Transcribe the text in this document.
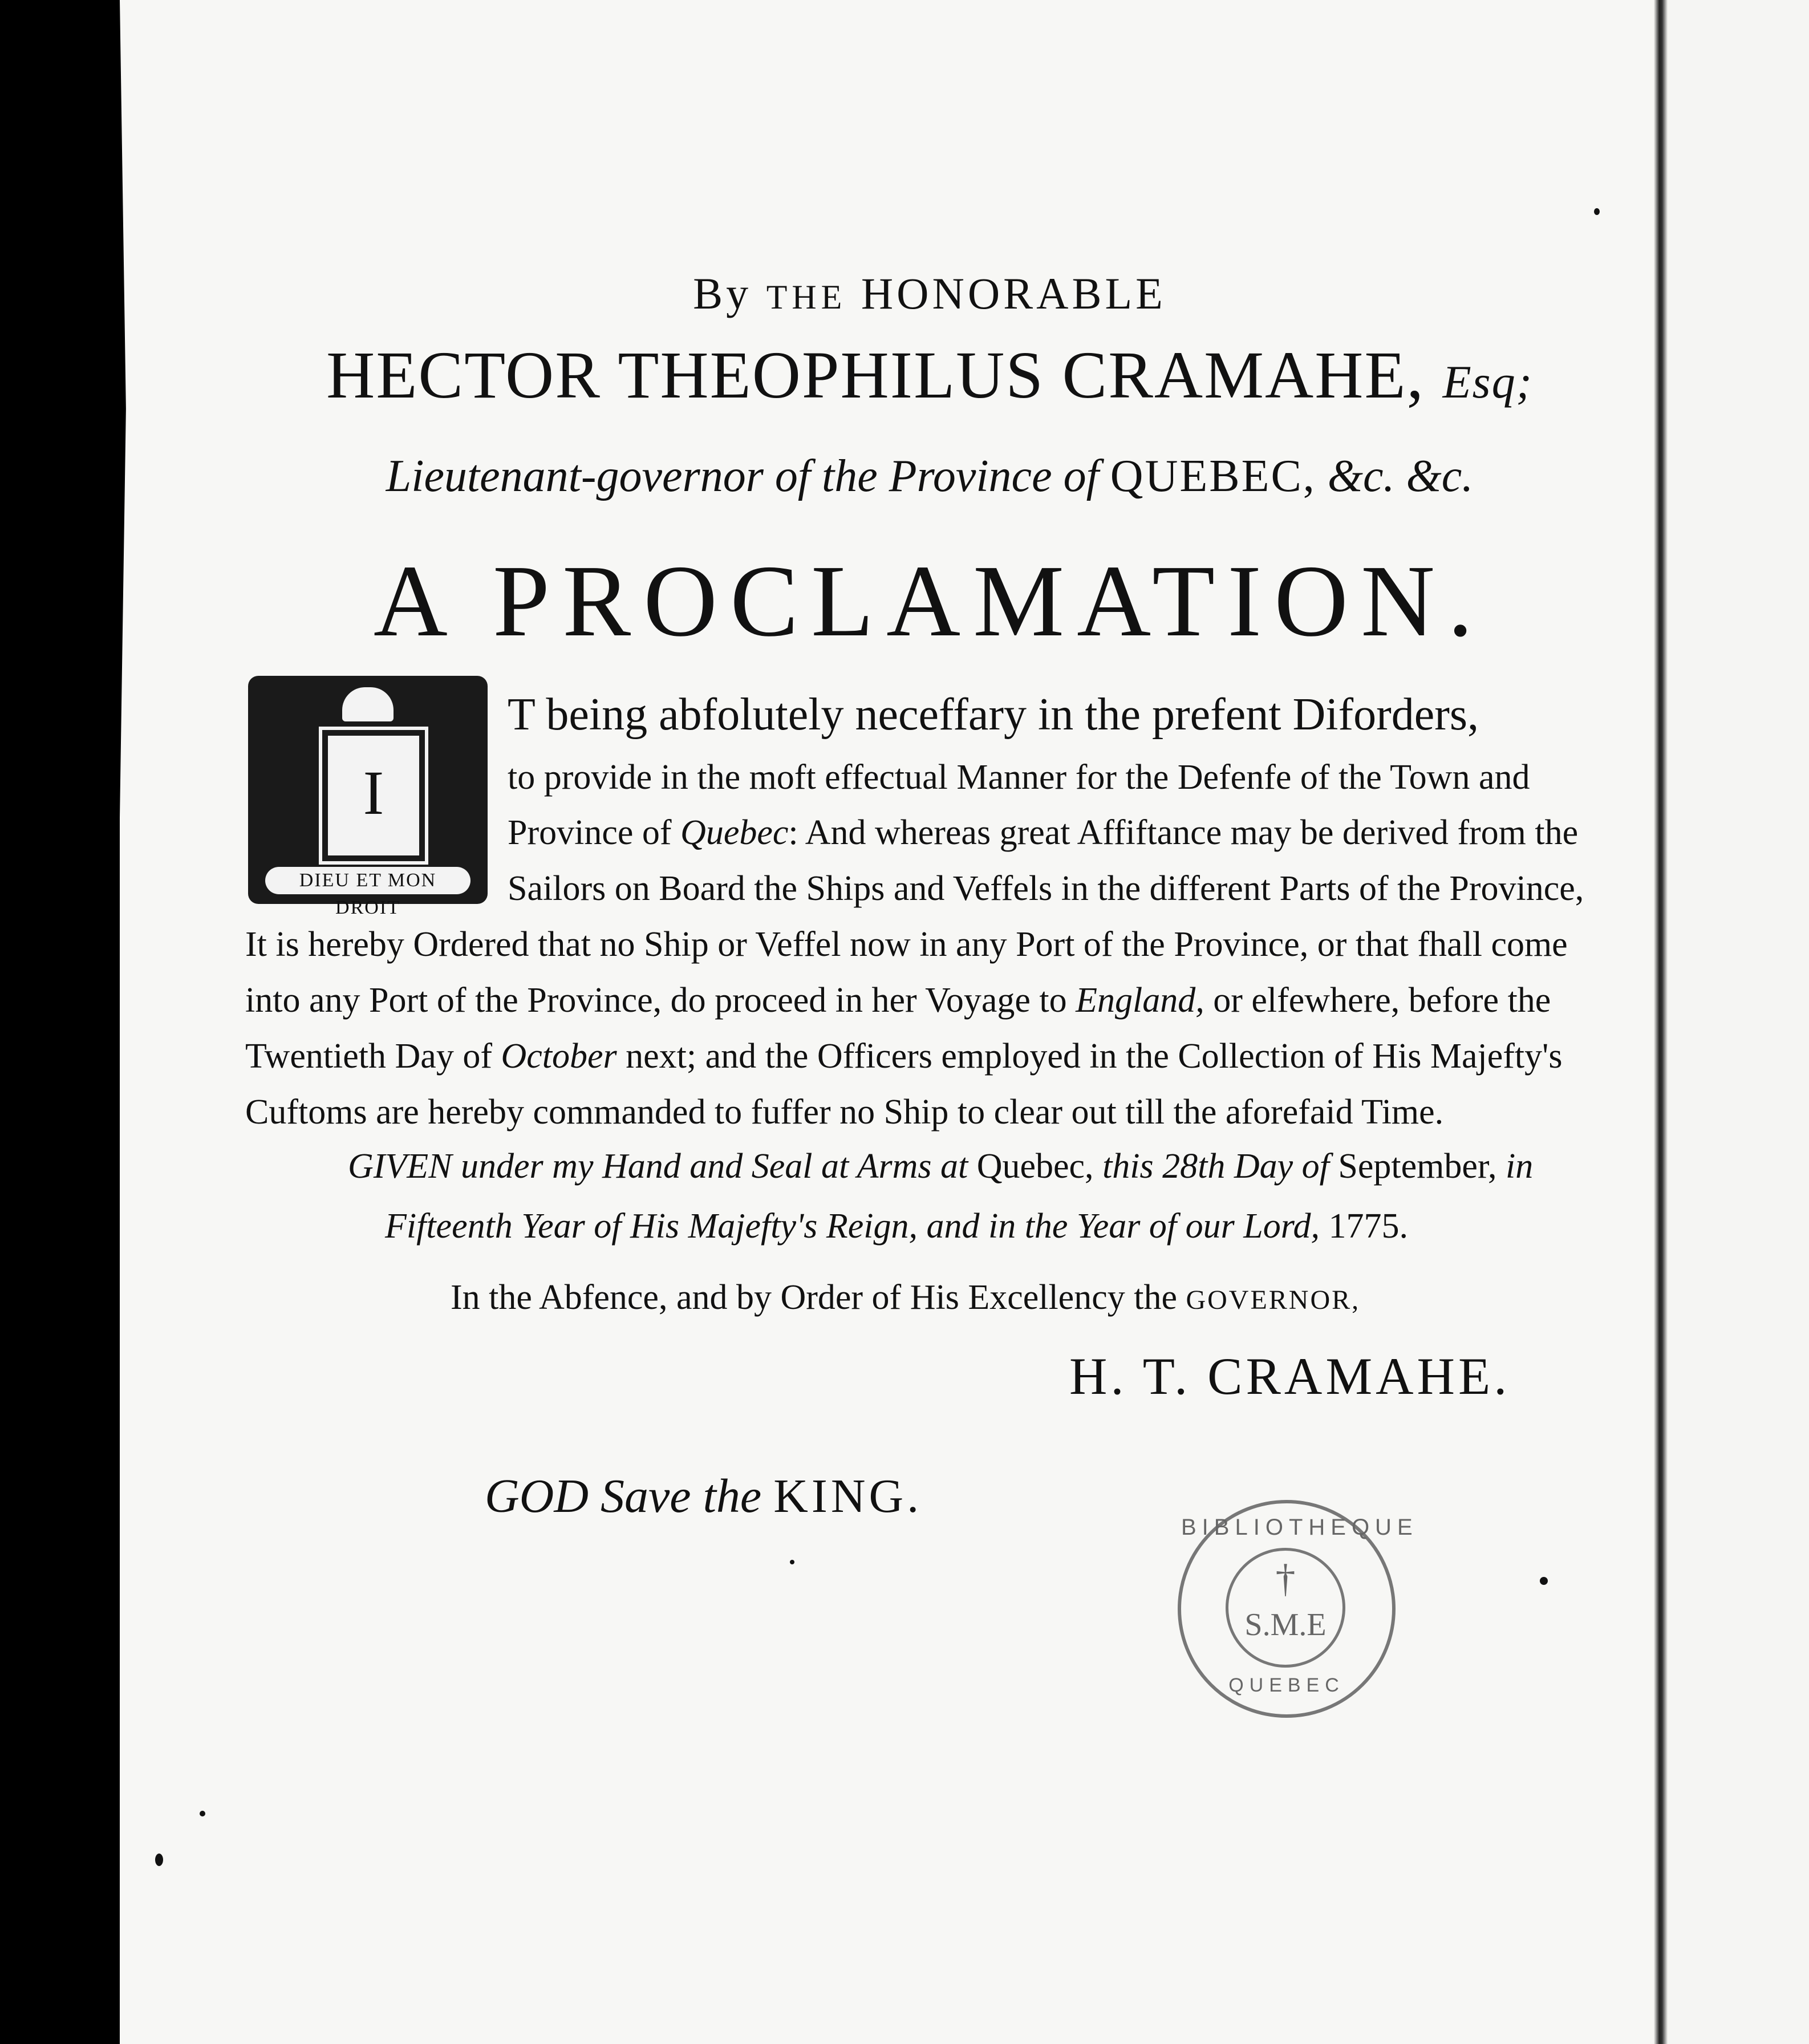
By THE HONORABLE
HECTOR THEOPHILUS CRAMAHE, Esq;
Lieutenant-governor of the Province of QUEBEC, &c. &c.
A PROCLAMATION.
I
DIEU ET MON DROIT
T being abfolutely neceffary in the prefent Diforders,
to provide in the moft effectual Manner for the Defenfe of the Town and
Province of Quebec: And whereas great Affiftance may be derived from the
Sailors on Board the Ships and Veffels in the different Parts of the Province,
It is hereby Ordered that no Ship or Veffel now in any Port of the Province, or that fhall come
into any Port of the Province, do proceed in her Voyage to England, or elfewhere, before the
Twentieth Day of October next; and the Officers employed in the Collection of His Majefty's
Cuftoms are hereby commanded to fuffer no Ship to clear out till the aforefaid Time.
GIVEN under my Hand and Seal at Arms at Quebec, this 28th Day of September, in
Fifteenth Year of His Majefty's Reign, and in the Year of our Lord, 1775.
In the Abfence, and by Order of His Excellency the GOVERNOR,
H. T. CRAMAHE.
GOD Save the KING.
BIBLIOTHEQUE
†
S.M.E
QUEBEC
